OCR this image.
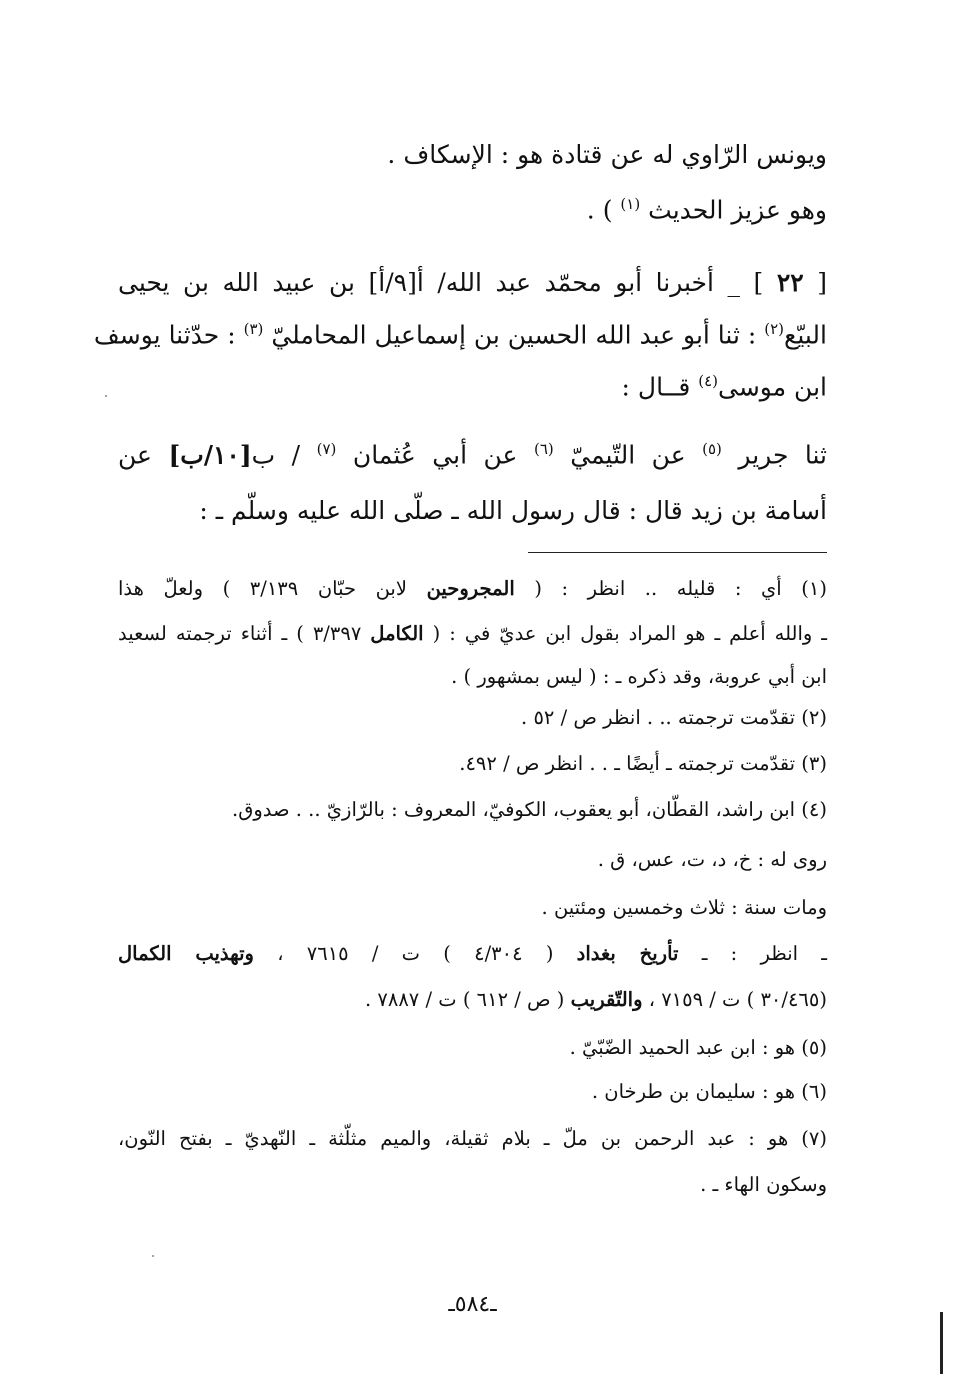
ويونس الرّاوي له عن قتادة هو : الإسكاف .
وهو عزيز الحديث $^{(١)}$ ) .
[ ٢٢ ] _ أخبرنا أبو محمّد عبد الله/ أ[٩/أ] بن عبيد الله بن يحيى
البيّع$^{(٢)}$ : ثنا أبو عبد الله الحسين بن إسماعيل المحامليّ $^{(٣)}$ : حدّثنا يوسف
ابن موسى$^{(٤)}$ قــال :
ثنا جرير $^{(٥)}$ عن التّيميّ $^{(٦)}$ عن أبي عُثمان $^{(٧)}$ / ب[١٠/ب] عن
أسامة بن زيد قال : قال رسول الله ـ صلّى الله عليه وسلّم ـ :
(١) أي : قليله .. انظر : ( المجروحين لابن حبّان ٣/١٣٩ ) ولعلّ هذا
ـ والله أعلم ـ هو المراد بقول ابن عديّ في : ( الكامل ٣/٣٩٧ ) ـ أثناء ترجمته لسعيد
ابن أبي عروبة، وقد ذكره ـ : ( ليس بمشهور ) .
(٢) تقدّمت ترجمته .. . انظر ص / ٥٢ .
(٣) تقدّمت ترجمته ـ أيضًا ـ . . انظر ص / ٤٩٢.
(٤) ابن راشد، القطّان، أبو يعقوب، الكوفيّ، المعروف : بالرّازيّ .. . صدوق.
روى له : خ، د، ت، عس، ق .
ومات سنة : ثلاث وخمسين ومئتين .
ـ انظر : ـ تأريخ بغداد ( ٤/٣٠٤ ) ت / ٧٦١٥ ، وتهذيب الكمال
(٣٠/٤٦٥ ) ت / ٧١٥٩ ، والتّقريب ( ص / ٦١٢ ) ت / ٧٨٨٧ .
(٥) هو : ابن عبد الحميد الضّبّيّ .
(٦) هو : سليمان بن طرخان .
(٧) هو : عبد الرحمن بن ملّ ـ بلام ثقيلة، والميم مثلّثة ـ النّهديّ ـ بفتح النّون،
وسكون الهاء ـ .
ـ٥٨٤ـ
